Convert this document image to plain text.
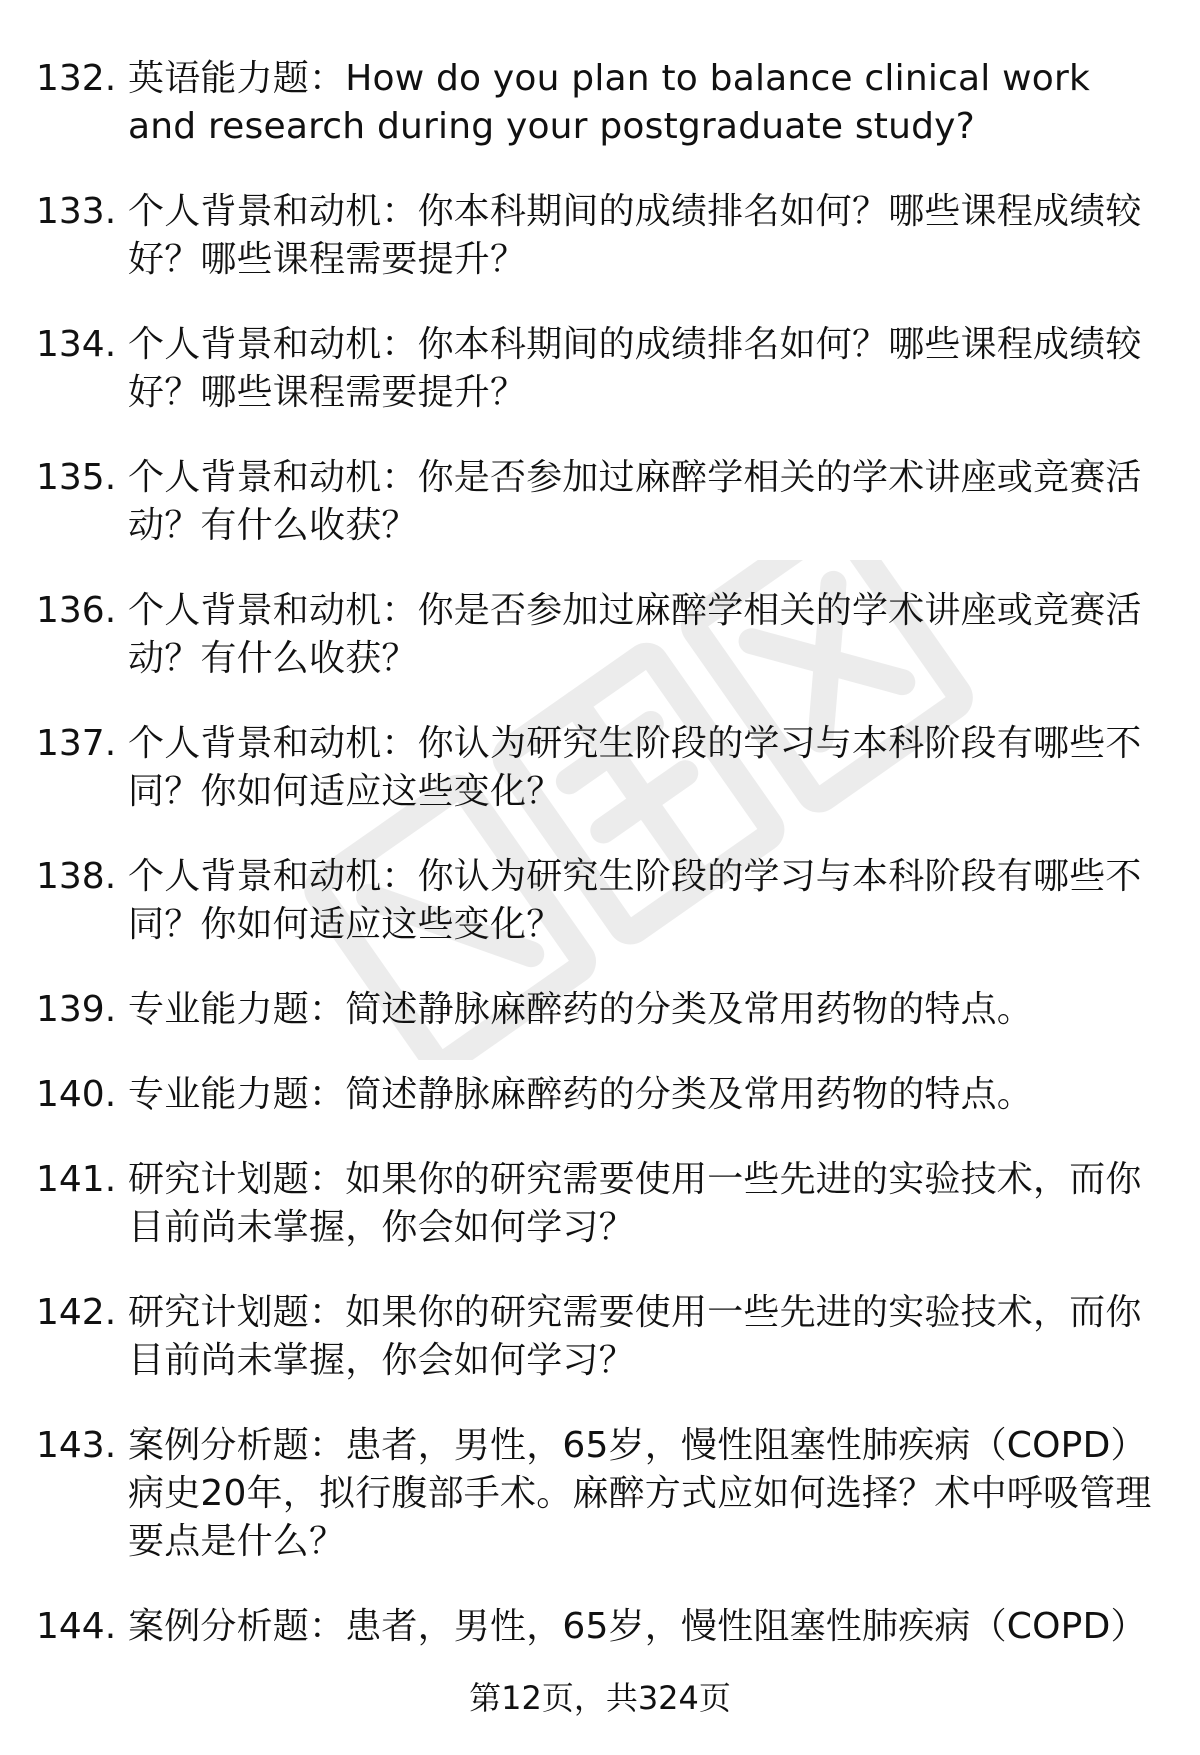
132. 英语能力题：How do you plan to balance clinical work and research during your postgraduate study?
133. 个人背景和动机：你本科期间的成绩排名如何？哪些课程成绩较好？哪些课程需要提升？
134. 个人背景和动机：你本科期间的成绩排名如何？哪些课程成绩较好？哪些课程需要提升？
135. 个人背景和动机：你是否参加过麻醉学相关的学术讲座或竞赛活动？有什么收获？
136. 个人背景和动机：你是否参加过麻醉学相关的学术讲座或竞赛活动？有什么收获？
137. 个人背景和动机：你认为研究生阶段的学习与本科阶段有哪些不同？你如何适应这些变化？
138. 个人背景和动机：你认为研究生阶段的学习与本科阶段有哪些不同？你如何适应这些变化？
139. 专业能力题：简述静脉麻醉药的分类及常用药物的特点。
140. 专业能力题：简述静脉麻醉药的分类及常用药物的特点。
141. 研究计划题：如果你的研究需要使用一些先进的实验技术，而你目前尚未掌握，你会如何学习？
142. 研究计划题：如果你的研究需要使用一些先进的实验技术，而你目前尚未掌握，你会如何学习？
143. 案例分析题：患者，男性，65岁，慢性阻塞性肺疾病（COPD）病史20年，拟行腹部手术。麻醉方式应如何选择？术中呼吸管理要点是什么？
144. 案例分析题：患者，男性，65岁，慢性阻塞性肺疾病（COPD）
第12页，共324页
